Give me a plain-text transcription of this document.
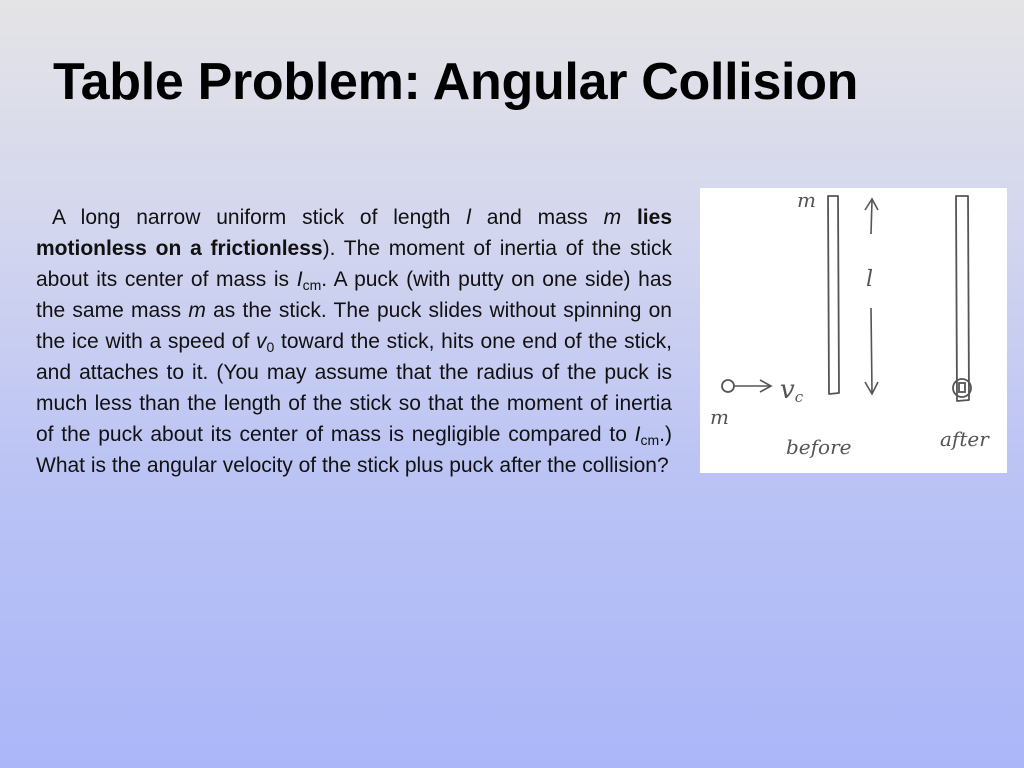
Table Problem: Angular Collision
A long narrow uniform stick of length l and mass m lies motionless on a frictionless). The moment of inertia of the stick about its center of mass is $I_{cm}$. A puck (with putty on one side) has the same mass m as the stick. The puck slides without spinning on the ice with a speed of $v_0$ toward the stick, hits one end of the stick, and attaches to it. (You may assume that the radius of the puck is much less than the length of the stick so that the moment of inertia of the puck about its center of mass is negligible compared to $I_{cm}$.) What is the angular velocity of the stick plus puck after the collision?
m
l
vc
m
before	after
